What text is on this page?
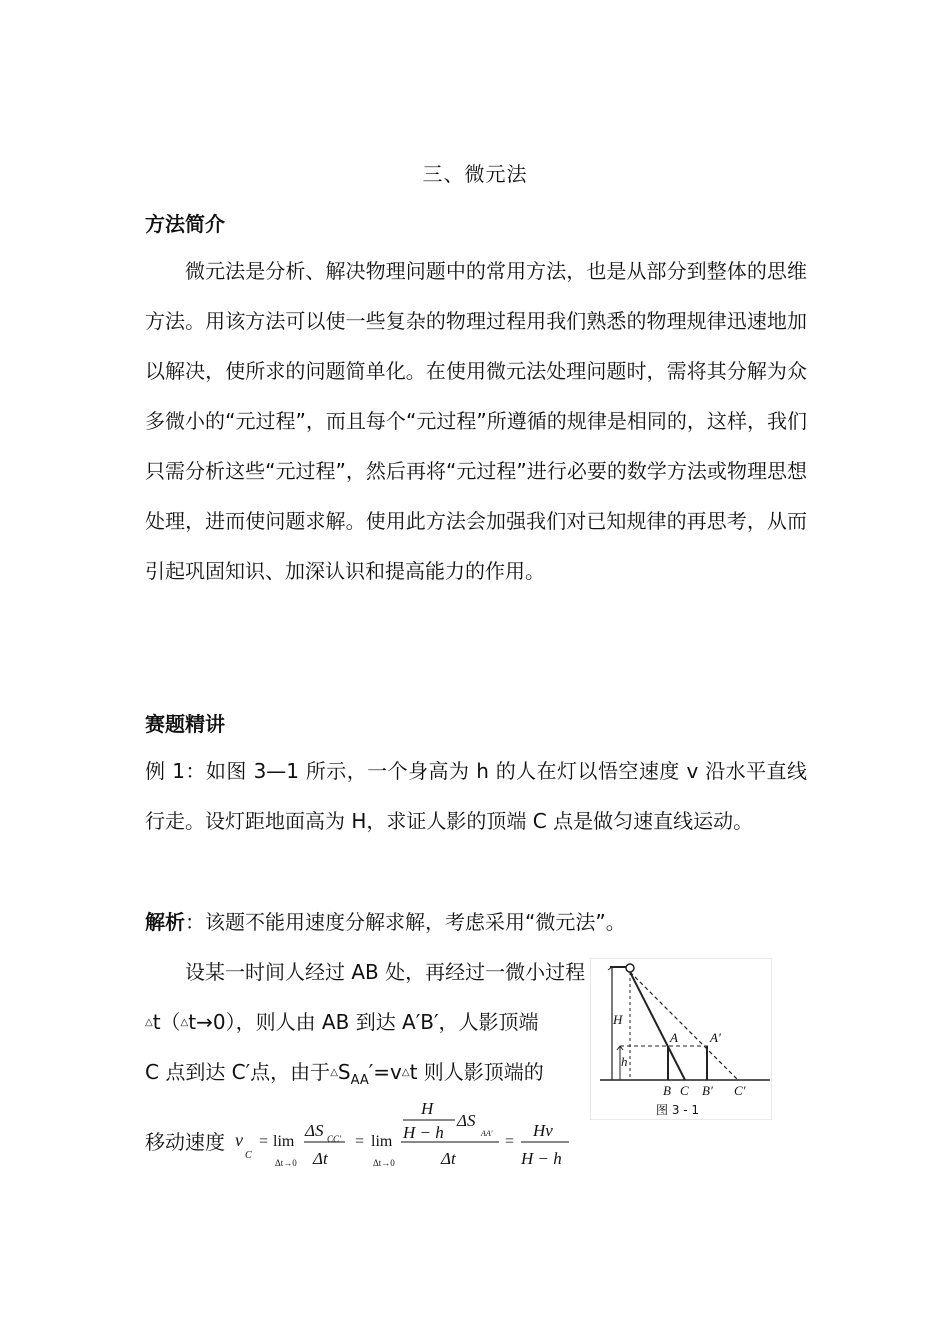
三、微元法
方法简介
微元法是分析、解决物理问题中的常用方法，也是从部分到整体的思维方法。用该方法可以使一些复杂的物理过程用我们熟悉的物理规律迅速地加以解决，使所求的问题简单化。在使用微元法处理问题时，需将其分解为众多微小的“元过程”，而且每个“元过程”所遵循的规律是相同的，这样，我们只需分析这些“元过程”，然后再将“元过程”进行必要的数学方法或物理思想处理，进而使问题求解。使用此方法会加强我们对已知规律的再思考，从而引起巩固知识、加深认识和提高能力的作用。
赛题精讲
例 1：如图 3—1 所示，一个身高为 h 的人在灯以悟空速度 v 沿水平直线行走。设灯距地面高为 H，求证人影的顶端 C 点是做匀速直线运动。
解析：该题不能用速度分解求解，考虑采用“微元法”。
设某一时间人经过 AB 处，再经过一微小过程
△t（△t→0），则人由 AB 到达 A′B′，人影顶端
C 点到达 C′点，由于$^\triangle S_{AA}'=v^\triangle t$ 则人影顶端的
移动速度 v
C
= lim
Δt→0
ΔS CC′
Δt
= lim
Δt→0
H
H − h
ΔS
AA′
Δt
=
Hv
H − h
H
h
A A′
B C B′ C′
图 3 - 1
